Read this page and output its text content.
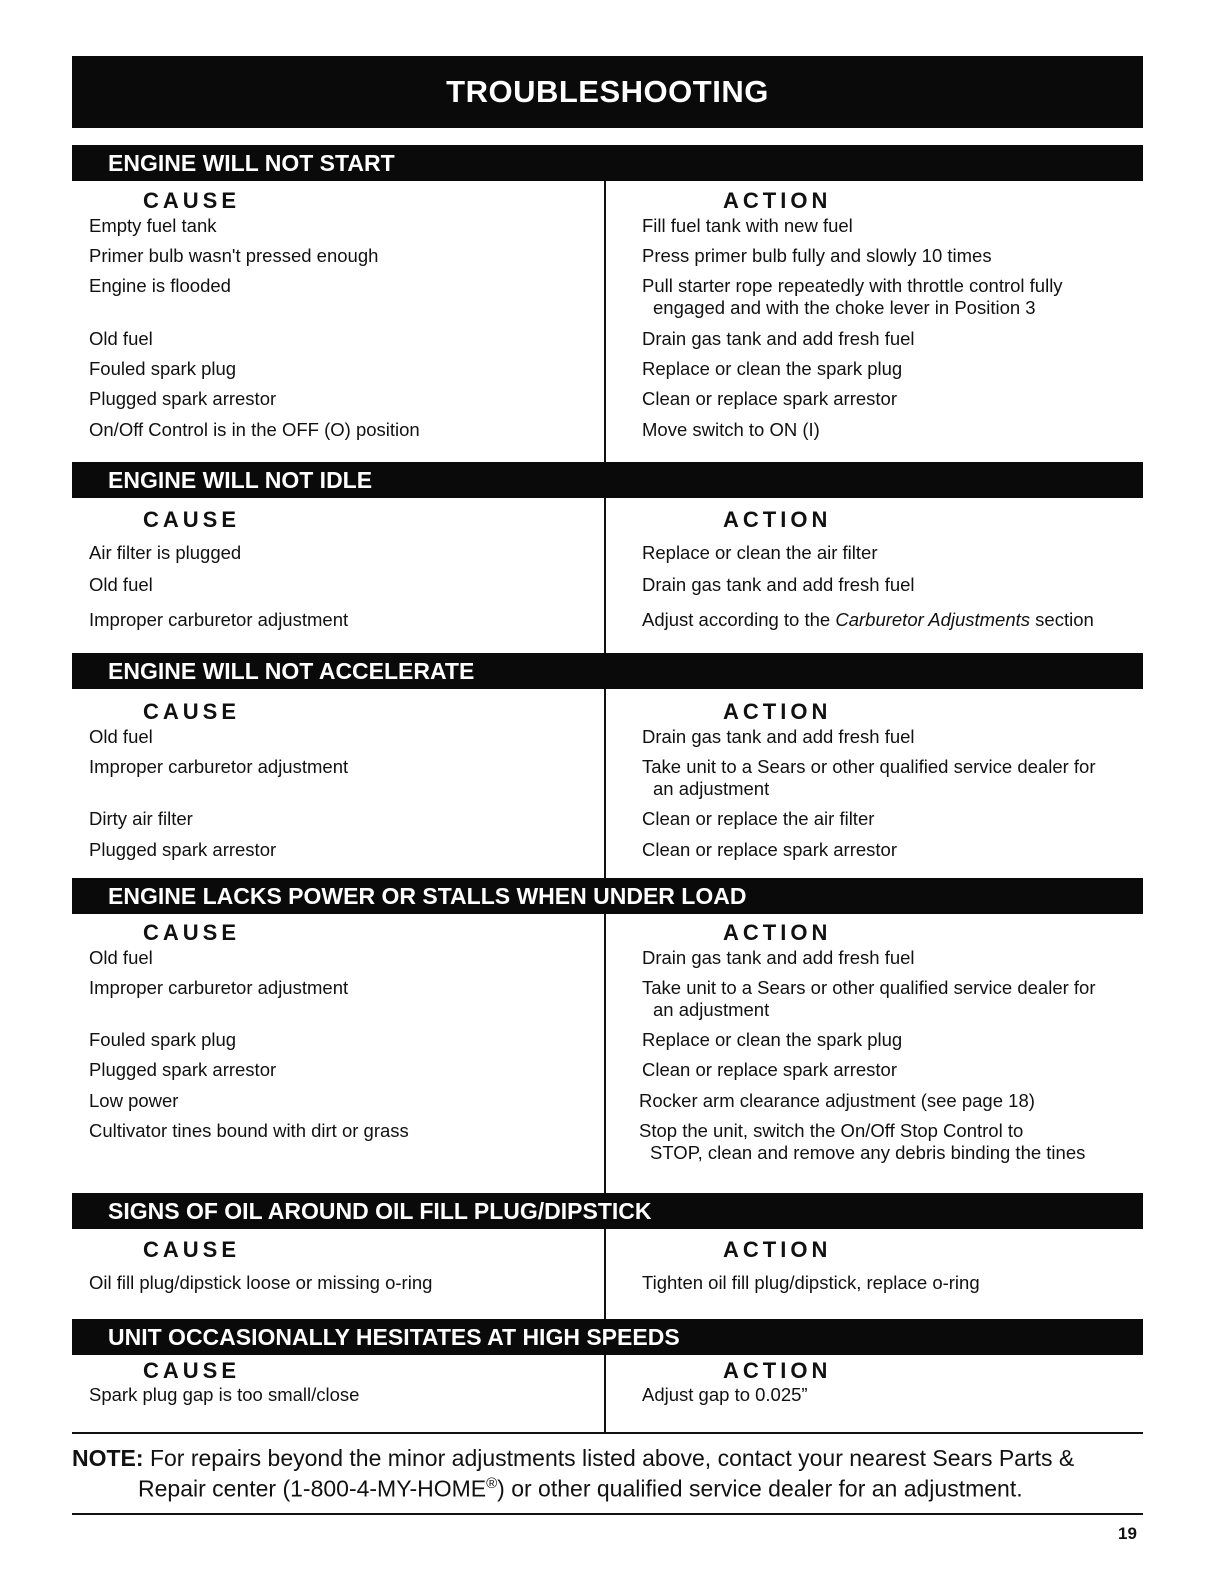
TROUBLESHOOTING
ENGINE WILL NOT START
CAUSE	ACTION
Empty fuel tank	Fill fuel tank with new fuel
Primer bulb wasn't pressed enough	Press primer bulb fully and slowly 10 times
Engine is flooded	Pull starter rope repeatedly with throttle control fully
engaged and with the choke lever in Position 3
Old fuel	Drain gas tank and add fresh fuel
Fouled spark plug	Replace or clean the spark plug
Plugged spark arrestor	Clean or replace spark arrestor
On/Off Control is in the OFF (O) position	Move switch to ON (I)
ENGINE WILL NOT IDLE
CAUSE	ACTION
Air filter is plugged	Replace or clean the air filter
Old fuel	Drain gas tank and add fresh fuel
Improper carburetor adjustment	Adjust according to the Carburetor Adjustments section
ENGINE WILL NOT ACCELERATE
CAUSE	ACTION
Old fuel	Drain gas tank and add fresh fuel
Improper carburetor adjustment	Take unit to a Sears or other qualified service dealer for
an adjustment
Dirty air filter	Clean or replace the air filter
Plugged spark arrestor	Clean or replace spark arrestor
ENGINE LACKS POWER OR STALLS WHEN UNDER LOAD
CAUSE	ACTION
Old fuel	Drain gas tank and add fresh fuel
Improper carburetor adjustment	Take unit to a Sears or other qualified service dealer for
an adjustment
Fouled spark plug	Replace or clean the spark plug
Plugged spark arrestor	Clean or replace spark arrestor
Low power	Rocker arm clearance adjustment (see page 18)
Cultivator tines bound with dirt or grass	Stop the unit, switch the On/Off Stop Control to
STOP, clean and remove any debris binding the tines
SIGNS OF OIL AROUND OIL FILL PLUG/DIPSTICK
CAUSE	ACTION
Oil fill plug/dipstick loose or missing o-ring	Tighten oil fill plug/dipstick, replace o-ring
UNIT OCCASIONALLY HESITATES AT HIGH SPEEDS
CAUSE	ACTION
Spark plug gap is too small/close	Adjust gap to 0.025”
NOTE: For repairs beyond the minor adjustments listed above, contact your nearest Sears Parts &
Repair center (1-800-4-MY-HOME®) or other qualified service dealer for an adjustment.
19
